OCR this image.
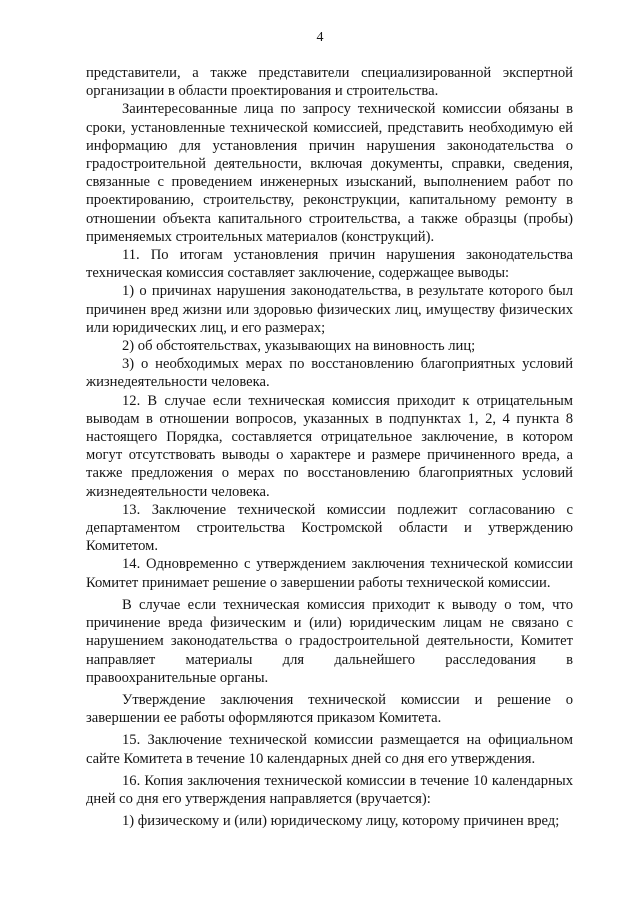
4

представители, а также представители специализированной экспертной организации в области проектирования и строительства.

Заинтересованные лица по запросу технической комиссии обязаны в сроки, установленные технической комиссией, представить необходимую ей информацию для установления причин нарушения законодательства о градостроительной деятельности, включая документы, справки, сведения, связанные с проведением инженерных изысканий, выполнением работ по проектированию, строительству, реконструкции, капитальному ремонту в отношении объекта капитального строительства, а также образцы (пробы) применяемых строительных материалов (конструкций).

11. По итогам установления причин нарушения законодательства техническая комиссия составляет заключение, содержащее выводы:

1) о причинах нарушения законодательства, в результате которого был причинен вред жизни или здоровью физических лиц, имуществу физических или юридических лиц, и его размерах;

2) об обстоятельствах, указывающих на виновность лиц;

3) о необходимых мерах по восстановлению благоприятных условий жизнедеятельности человека.

12. В случае если техническая комиссия приходит к отрицательным выводам в отношении вопросов, указанных в подпунктах 1, 2, 4 пункта 8 настоящего Порядка, составляется отрицательное заключение, в котором могут отсутствовать выводы о характере и размере причиненного вреда, а также предложения о мерах по восстановлению благоприятных условий жизнедеятельности человека.

13. Заключение технической комиссии подлежит согласованию с департаментом строительства Костромской области и утверждению Комитетом.

14. Одновременно с утверждением заключения технической комиссии Комитет принимает решение о завершении работы технической комиссии.

В случае если техническая комиссия приходит к выводу о том, что причинение вреда физическим и (или) юридическим лицам не связано с нарушением законодательства о градостроительной деятельности, Комитет направляет материалы для дальнейшего расследования в правоохранительные органы.

Утверждение заключения технической комиссии и решение о завершении ее работы оформляются приказом Комитета.

15. Заключение технической комиссии размещается на официальном сайте Комитета в течение 10 календарных дней со дня его утверждения.

16. Копия заключения технической комиссии в течение 10 календарных дней со дня его утверждения направляется (вручается):

1) физическому и (или) юридическому лицу, которому причинен вред;
